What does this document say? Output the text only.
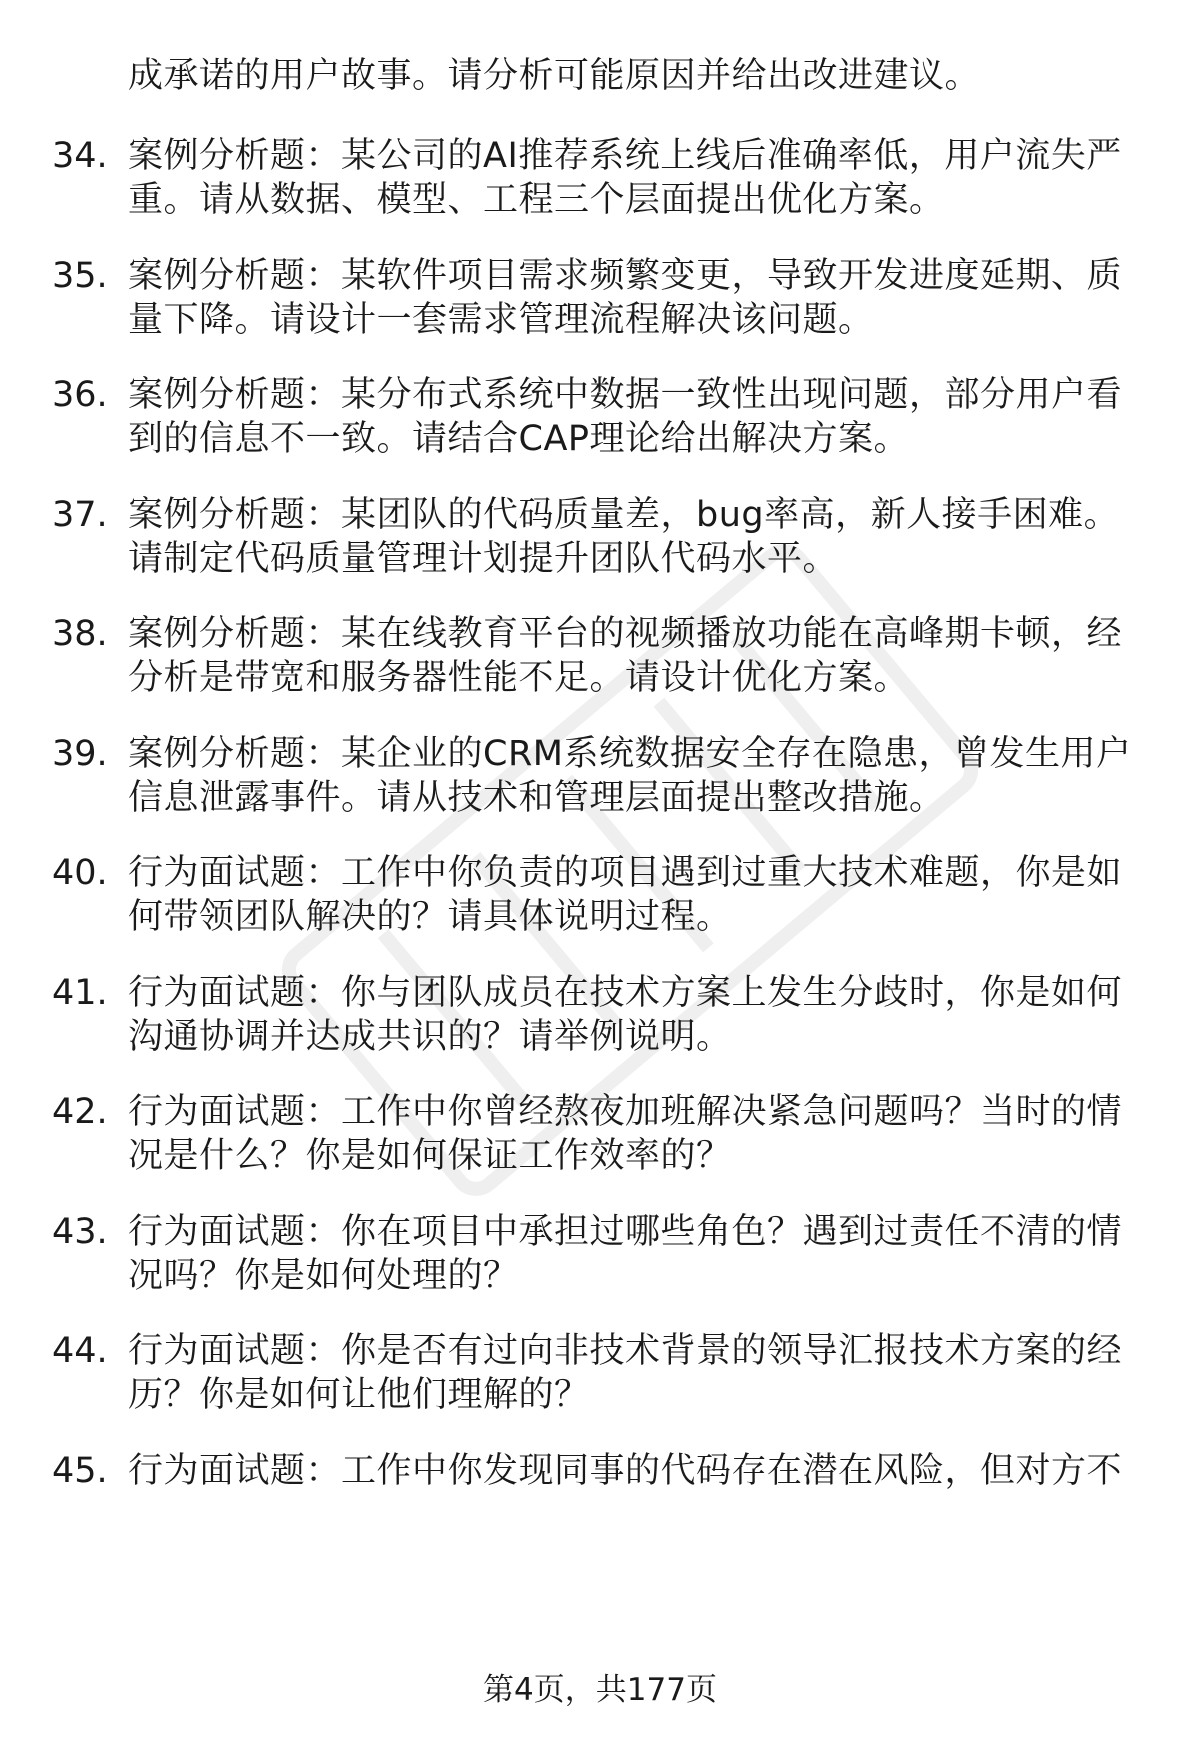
成承诺的用户故事。请分析可能原因并给出改进建议。
34. 案例分析题：某公司的AI推荐系统上线后准确率低，用户流失严
重。请从数据、模型、工程三个层面提出优化方案。
35. 案例分析题：某软件项目需求频繁变更，导致开发进度延期、质
量下降。请设计一套需求管理流程解决该问题。
36. 案例分析题：某分布式系统中数据一致性出现问题，部分用户看
到的信息不一致。请结合CAP理论给出解决方案。
37. 案例分析题：某团队的代码质量差，bug率高，新人接手困难。
请制定代码质量管理计划提升团队代码水平。
38. 案例分析题：某在线教育平台的视频播放功能在高峰期卡顿，经
分析是带宽和服务器性能不足。请设计优化方案。
39. 案例分析题：某企业的CRM系统数据安全存在隐患，曾发生用户
信息泄露事件。请从技术和管理层面提出整改措施。
40. 行为面试题：工作中你负责的项目遇到过重大技术难题，你是如
何带领团队解决的？请具体说明过程。
41. 行为面试题：你与团队成员在技术方案上发生分歧时，你是如何
沟通协调并达成共识的？请举例说明。
42. 行为面试题：工作中你曾经熬夜加班解决紧急问题吗？当时的情
况是什么？你是如何保证工作效率的？
43. 行为面试题：你在项目中承担过哪些角色？遇到过责任不清的情
况吗？你是如何处理的？
44. 行为面试题：你是否有过向非技术背景的领导汇报技术方案的经
历？你是如何让他们理解的？
45. 行为面试题：工作中你发现同事的代码存在潜在风险，但对方不
第4页，共177页
